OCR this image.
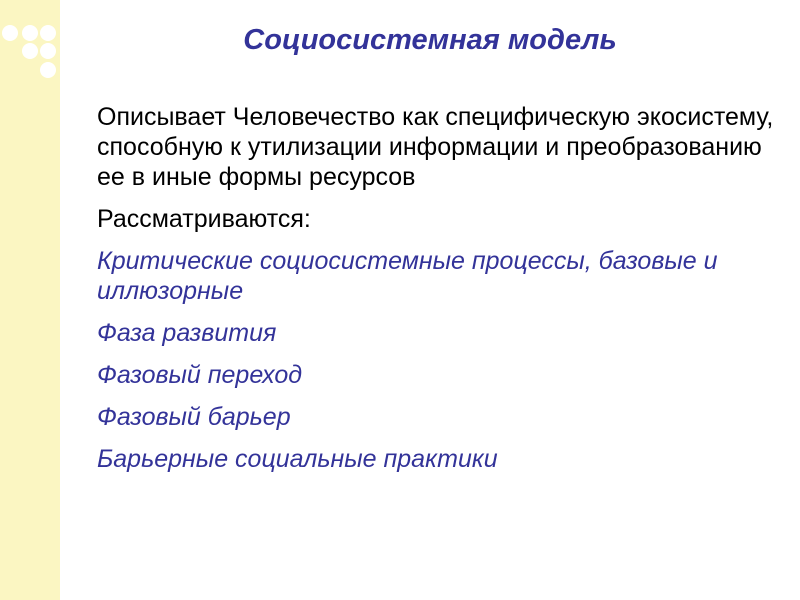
Социосистемная модель

Описывает Человечество как специфическую экосистему, способную к утилизации информации и преобразованию ее в иные формы ресурсов

Рассматриваются:

Критические социосистемные процессы, базовые и иллюзорные

Фаза развития

Фазовый переход

Фазовый барьер

Барьерные социальные практики
